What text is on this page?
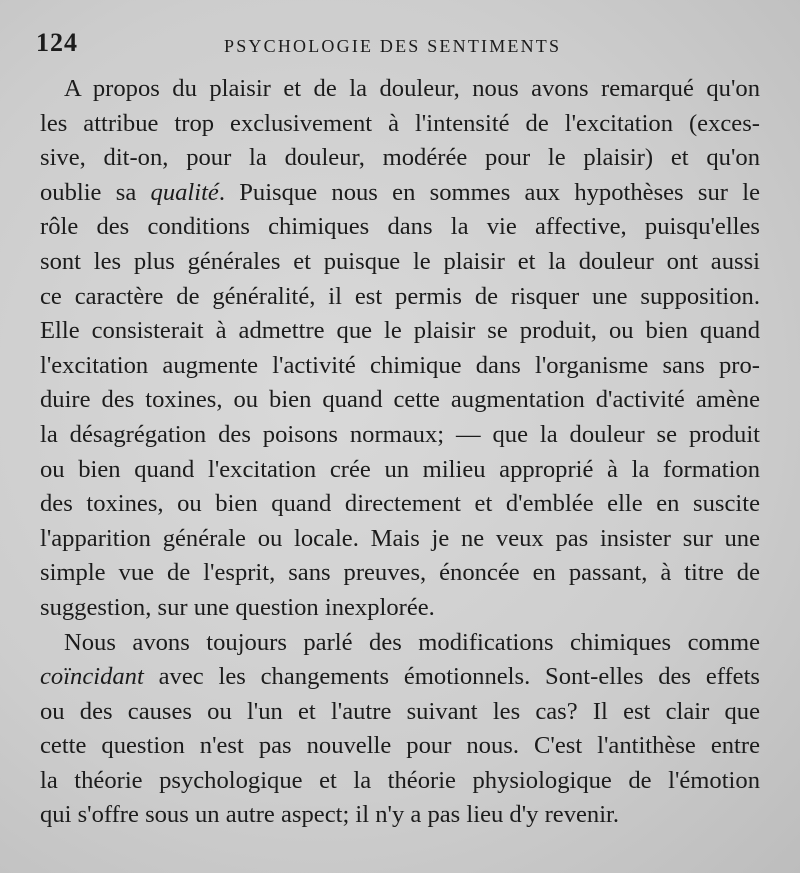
124	PSYCHOLOGIE DES SENTIMENTS
A propos du plaisir et de la douleur, nous avons remarqué qu'on
les attribue trop exclusivement à l'intensité de l'excitation (exces-
sive, dit-on, pour la douleur, modérée pour le plaisir) et qu'on
oublie sa qualité. Puisque nous en sommes aux hypothèses sur le
rôle des conditions chimiques dans la vie affective, puisqu'elles
sont les plus générales et puisque le plaisir et la douleur ont aussi
ce caractère de généralité, il est permis de risquer une supposition.
Elle consisterait à admettre que le plaisir se produit, ou bien quand
l'excitation augmente l'activité chimique dans l'organisme sans pro-
duire des toxines, ou bien quand cette augmentation d'activité amène
la désagrégation des poisons normaux; — que la douleur se produit
ou bien quand l'excitation crée un milieu approprié à la formation
des toxines, ou bien quand directement et d'emblée elle en suscite
l'apparition générale ou locale. Mais je ne veux pas insister sur une
simple vue de l'esprit, sans preuves, énoncée en passant, à titre de
suggestion, sur une question inexplorée.
Nous avons toujours parlé des modifications chimiques comme
coïncidant avec les changements émotionnels. Sont-elles des effets
ou des causes ou l'un et l'autre suivant les cas? Il est clair que
cette question n'est pas nouvelle pour nous. C'est l'antithèse entre
la théorie psychologique et la théorie physiologique de l'émotion
qui s'offre sous un autre aspect; il n'y a pas lieu d'y revenir.
